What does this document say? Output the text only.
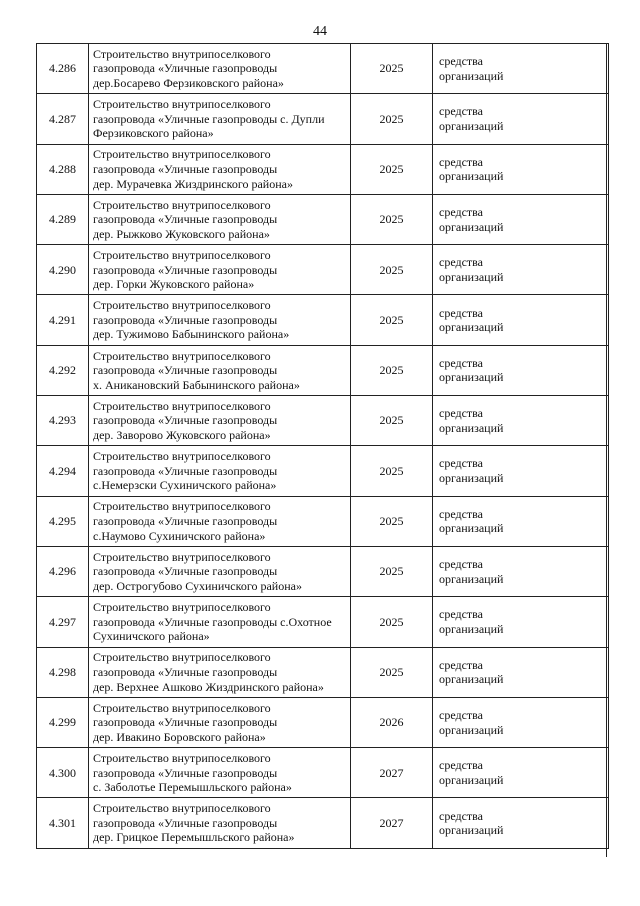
44
4.286	Строительство внутрипоселкового
газопровода «Уличные газопроводы
дер.Босарево Ферзиковского района»	2025	средства
организаций

4.287	Строительство внутрипоселкового
газопровода «Уличные газопроводы с. Дупли
Ферзиковского района»	2025	средства
организаций

4.288	Строительство внутрипоселкового
газопровода «Уличные газопроводы
дер. Мурачевка Жиздринского района»	2025	средства
организаций

4.289	Строительство внутрипоселкового
газопровода «Уличные газопроводы
дер. Рыжково Жуковского района»	2025	средства
организаций

4.290	Строительство внутрипоселкового
газопровода «Уличные газопроводы
дер. Горки Жуковского района»	2025	средства
организаций

4.291	Строительство внутрипоселкового
газопровода «Уличные газопроводы
дер. Тужимово Бабынинского района»	2025	средства
организаций

4.292	Строительство внутрипоселкового
газопровода «Уличные газопроводы
х. Аникановский Бабынинского района»	2025	средства
организаций

4.293	Строительство внутрипоселкового
газопровода «Уличные газопроводы
дер. Заворово Жуковского района»	2025	средства
организаций

4.294	Строительство внутрипоселкового
газопровода «Уличные газопроводы
с.Немерзски Сухиничского района»	2025	средства
организаций

4.295	Строительство внутрипоселкового
газопровода «Уличные газопроводы
с.Наумово Сухиничского района»	2025	средства
организаций

4.296	Строительство внутрипоселкового
газопровода «Уличные газопроводы
дер. Острогубово Сухиничского района»	2025	средства
организаций

4.297	Строительство внутрипоселкового
газопровода «Уличные газопроводы с.Охотное
Сухиничского района»	2025	средства
организаций

4.298	Строительство внутрипоселкового
газопровода «Уличные газопроводы
дер. Верхнее Ашково Жиздринского района»	2025	средства
организаций

4.299	Строительство внутрипоселкового
газопровода «Уличные газопроводы
дер. Ивакино Боровского района»	2026	средства
организаций

4.300	Строительство внутрипоселкового
газопровода «Уличные газопроводы
с. Заболотье Перемышльского района»	2027	средства
организаций

4.301	Строительство внутрипоселкового
газопровода «Уличные газопроводы
дер. Грицкое Перемышльского района»	2027	средства
организаций
